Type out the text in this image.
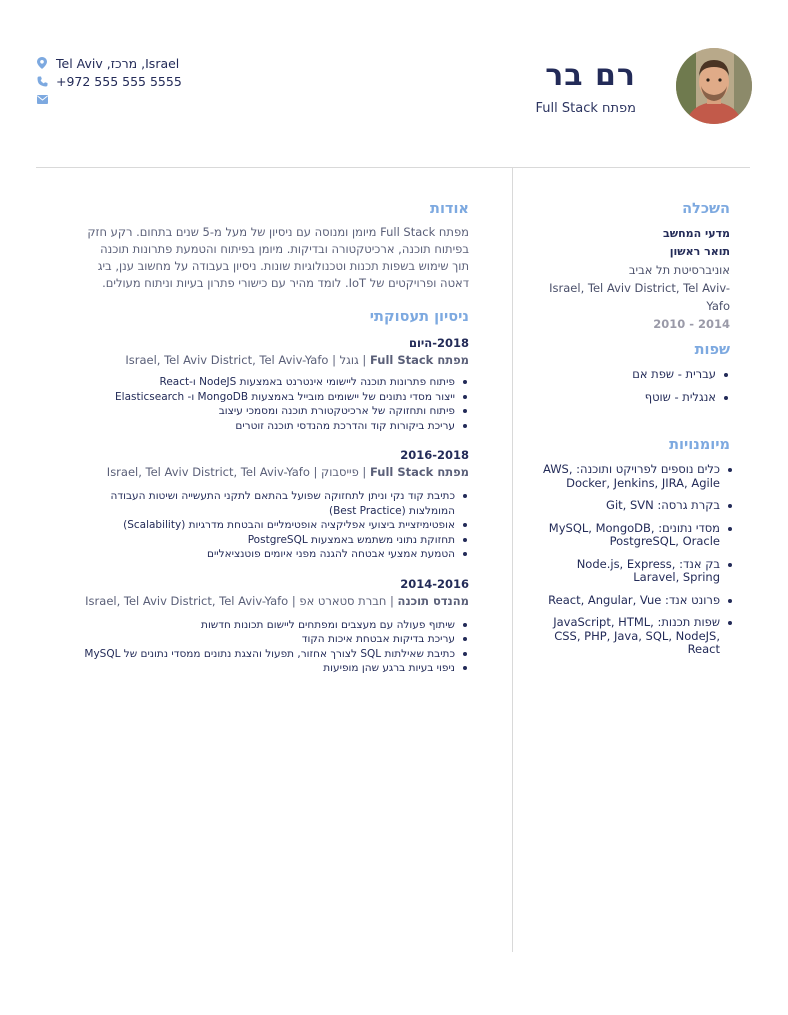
רם בר
מפתח Full Stack
Tel Aviv ,מרכז ,Israel
+972 555 555 5555
השכלה
מדעי המחשב
תואר ראשון
אוניברסיטת תל אביב
Israel, Tel Aviv District, Tel Aviv-Yafo
2014 - 2010
שפות
עברית - שפת אם
אנגלית - שוטף
מיומנויות
כלים נוספים לפרויקט ותוכנה: AWS, Docker, Jenkins, JIRA, Agile
בקרת גרסה: Git, SVN
מסדי נתונים: MySQL, MongoDB, PostgreSQL, Oracle
בק אנד: Node.js, Express, Laravel, Spring
פרונט אנד: React, Angular, Vue
שפות תכנות: JavaScript, HTML, CSS, PHP, Java, SQL, NodeJS, React
אודות
מפתח Full Stack מיומן ומנוסה עם ניסיון של מעל מ-5 שנים בתחום. רקע חזק בפיתוח תוכנה, ארכיטקטורה ובדיקות. מיומן בפיתוח והטמעת פתרונות תוכנה תוך שימוש בשפות תכנות וטכנולוגיות שונות. ניסיון בעבודה על מחשוב ענן, ביג דאטה ופרויקטים של IoT. לומד מהיר עם כישורי פתרון בעיות וניתוח מעולים.
ניסיון תעסוקתי
2018-היום
מפתח Full Stack | גוגל | Israel, Tel Aviv District, Tel Aviv-Yafo
פיתוח פתרונות תוכנה ליישומי אינטרנט באמצעות NodeJS ו-React
ייצור מסדי נתונים של יישומים מובייל באמצעות MongoDB ו- Elasticsearch
פיתוח ותחזוקה של ארכיטקטורת תוכנה ומסמכי עיצוב
עריכת ביקורות קוד והדרכת מהנדסי תוכנה זוטרים
2016-2018
מפתח Full Stack | פייסבוק | Israel, Tel Aviv District, Tel Aviv-Yafo
כתיבת קוד נקי וניתן לתחזוקה שפועל בהתאם לתקני התעשייה ושיטות העבודה המומלצות (Best Practice)
אופטימיזציית ביצועי אפליקציה אופטימליים והבטחת מדרגיות (Scalability)
תחזוקת נתוני משתמש באמצעות PostgreSQL
הטמעת אמצעי אבטחה להגנה מפני איומים פוטנציאליים
2014-2016
מהנדס תוכנה | חברת סטארט אפ | Israel, Tel Aviv District, Tel Aviv-Yafo
שיתוף פעולה עם מעצבים ומפתחים ליישום תכונות חדשות
עריכת בדיקות אבטחת איכות הקוד
כתיבת שאילתות SQL לצורך אחזור, תפעול והצגת נתונים ממסדי נתונים של MySQL
ניפוי בעיות ברגע שהן מופיעות
